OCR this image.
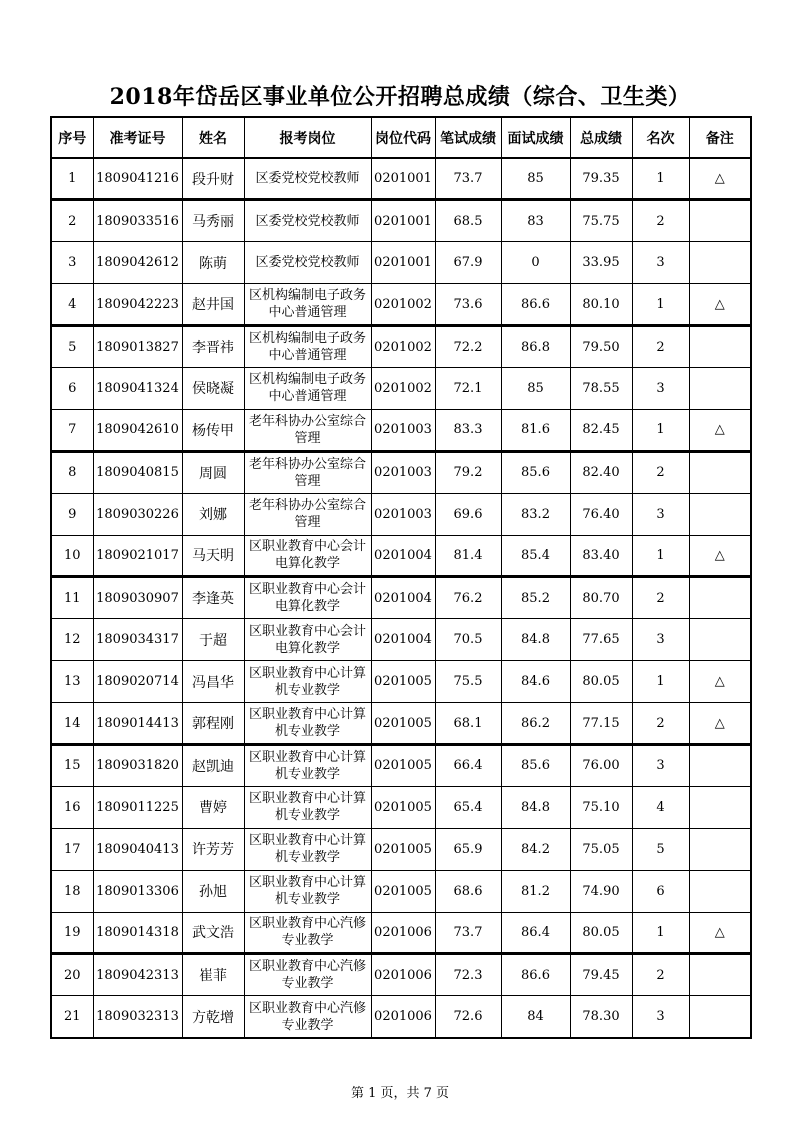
2018年岱岳区事业单位公开招聘总成绩（综合、卫生类）
序号	准考证号	姓名	报考岗位	岗位代码	笔试成绩	面试成绩	总成绩	名次	备注
1	1809041216	段升财	区委党校党校教师	0201001	73.7	85	79.35	1	△
2	1809033516	马秀丽	区委党校党校教师	0201001	68.5	83	75.75	2	
3	1809042612	陈萌	区委党校党校教师	0201001	67.9	0	33.95	3	
4	1809042223	赵井国	区机构编制电子政务中心普通管理	0201002	73.6	86.6	80.10	1	△
5	1809013827	李晋祎	区机构编制电子政务中心普通管理	0201002	72.2	86.8	79.50	2	
6	1809041324	侯晓凝	区机构编制电子政务中心普通管理	0201002	72.1	85	78.55	3	
7	1809042610	杨传甲	老年科协办公室综合管理	0201003	83.3	81.6	82.45	1	△
8	1809040815	周圆	老年科协办公室综合管理	0201003	79.2	85.6	82.40	2	
9	1809030226	刘娜	老年科协办公室综合管理	0201003	69.6	83.2	76.40	3	
10	1809021017	马天明	区职业教育中心会计电算化教学	0201004	81.4	85.4	83.40	1	△
11	1809030907	李逢英	区职业教育中心会计电算化教学	0201004	76.2	85.2	80.70	2	
12	1809034317	于超	区职业教育中心会计电算化教学	0201004	70.5	84.8	77.65	3	
13	1809020714	冯昌华	区职业教育中心计算机专业教学	0201005	75.5	84.6	80.05	1	△
14	1809014413	郭程刚	区职业教育中心计算机专业教学	0201005	68.1	86.2	77.15	2	△
15	1809031820	赵凯迪	区职业教育中心计算机专业教学	0201005	66.4	85.6	76.00	3	
16	1809011225	曹婷	区职业教育中心计算机专业教学	0201005	65.4	84.8	75.10	4	
17	1809040413	许芳芳	区职业教育中心计算机专业教学	0201005	65.9	84.2	75.05	5	
18	1809013306	孙旭	区职业教育中心计算机专业教学	0201005	68.6	81.2	74.90	6	
19	1809014318	武文浩	区职业教育中心汽修专业教学	0201006	73.7	86.4	80.05	1	△
20	1809042313	崔菲	区职业教育中心汽修专业教学	0201006	72.3	86.6	79.45	2	
21	1809032313	方乾增	区职业教育中心汽修专业教学	0201006	72.6	84	78.30	3	
第 1 页，共 7 页
